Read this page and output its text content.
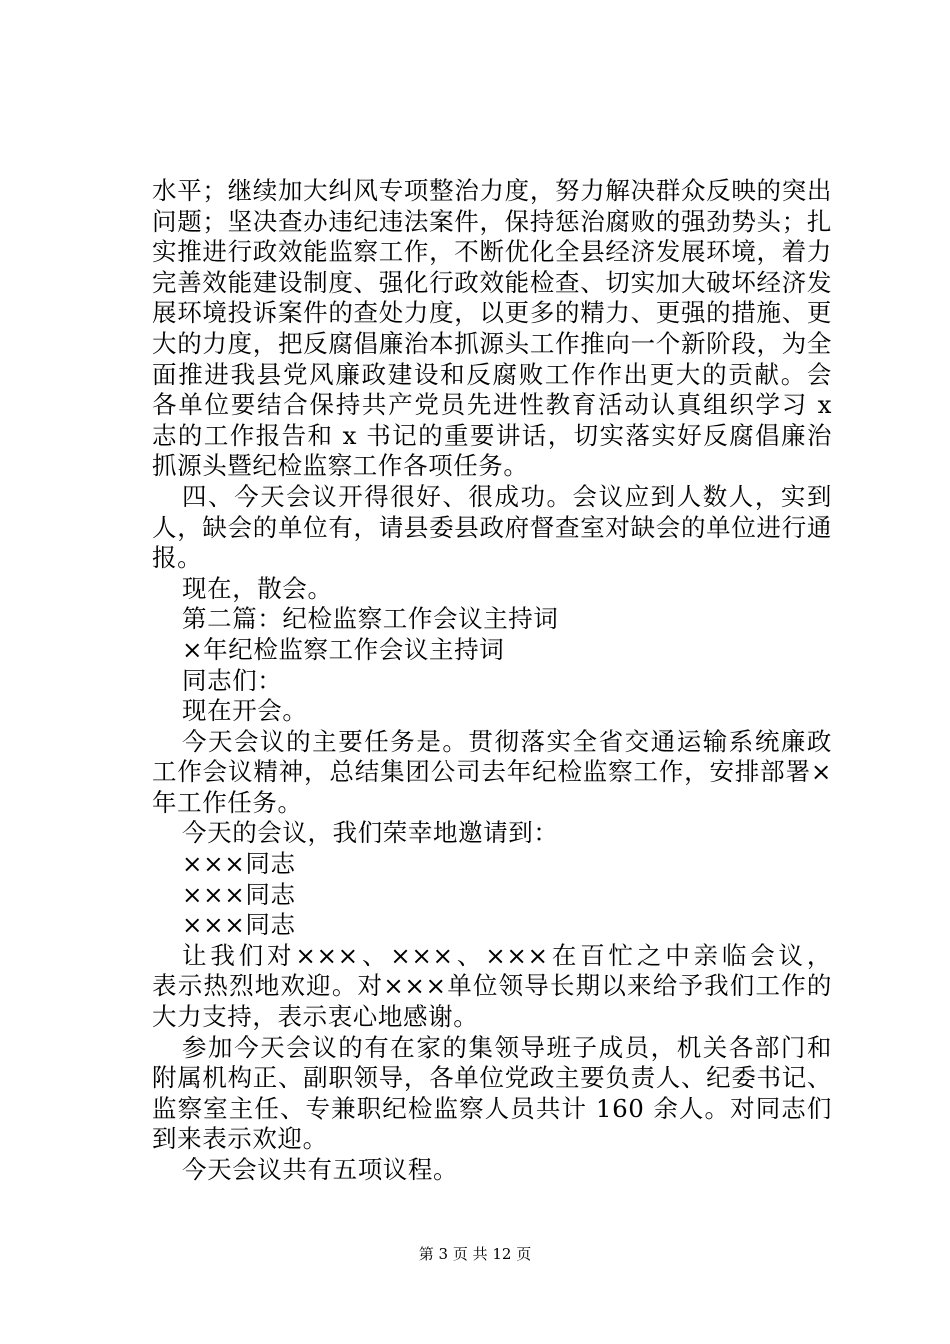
水平；继续加大纠风专项整治力度，努力解决群众反映的突出
问题；坚决查办违纪违法案件，保持惩治腐败的强劲势头；扎
实推进行政效能监察工作，不断优化全县经济发展环境，着力
完善效能建设制度、强化行政效能检查、切实加大破坏经济发
展环境投诉案件的查处力度，以更多的精力、更强的措施、更
大的力度，把反腐倡廉治本抓源头工作推向一个新阶段，为全
面推进我县党风廉政建设和反腐败工作作出更大的贡献。会
各单位要结合保持共产党员先进性教育活动认真组织学习 x
志的工作报告和 x 书记的重要讲话，切实落实好反腐倡廉治
抓源头暨纪检监察工作各项任务。
四、今天会议开得很好、很成功。会议应到人数人，实到
人，缺会的单位有，请县委县政府督查室对缺会的单位进行通
报。
现在，散会。
第二篇：纪检监察工作会议主持词
×年纪检监察工作会议主持词
同志们：
现在开会。
今天会议的主要任务是。贯彻落实全省交通运输系统廉政
工作会议精神，总结集团公司去年纪检监察工作，安排部署×
年工作任务。
今天的会议，我们荣幸地邀请到：
×××同志
×××同志
×××同志
让我们对×××、×××、×××在百忙之中亲临会议，
表示热烈地欢迎。对×××单位领导长期以来给予我们工作的
大力支持，表示衷心地感谢。
参加今天会议的有在家的集领导班子成员，机关各部门和
附属机构正、副职领导，各单位党政主要负责人、纪委书记、
监察室主任、专兼职纪检监察人员共计 160 余人。对同志们
到来表示欢迎。
今天会议共有五项议程。
第 3 页 共 12 页
